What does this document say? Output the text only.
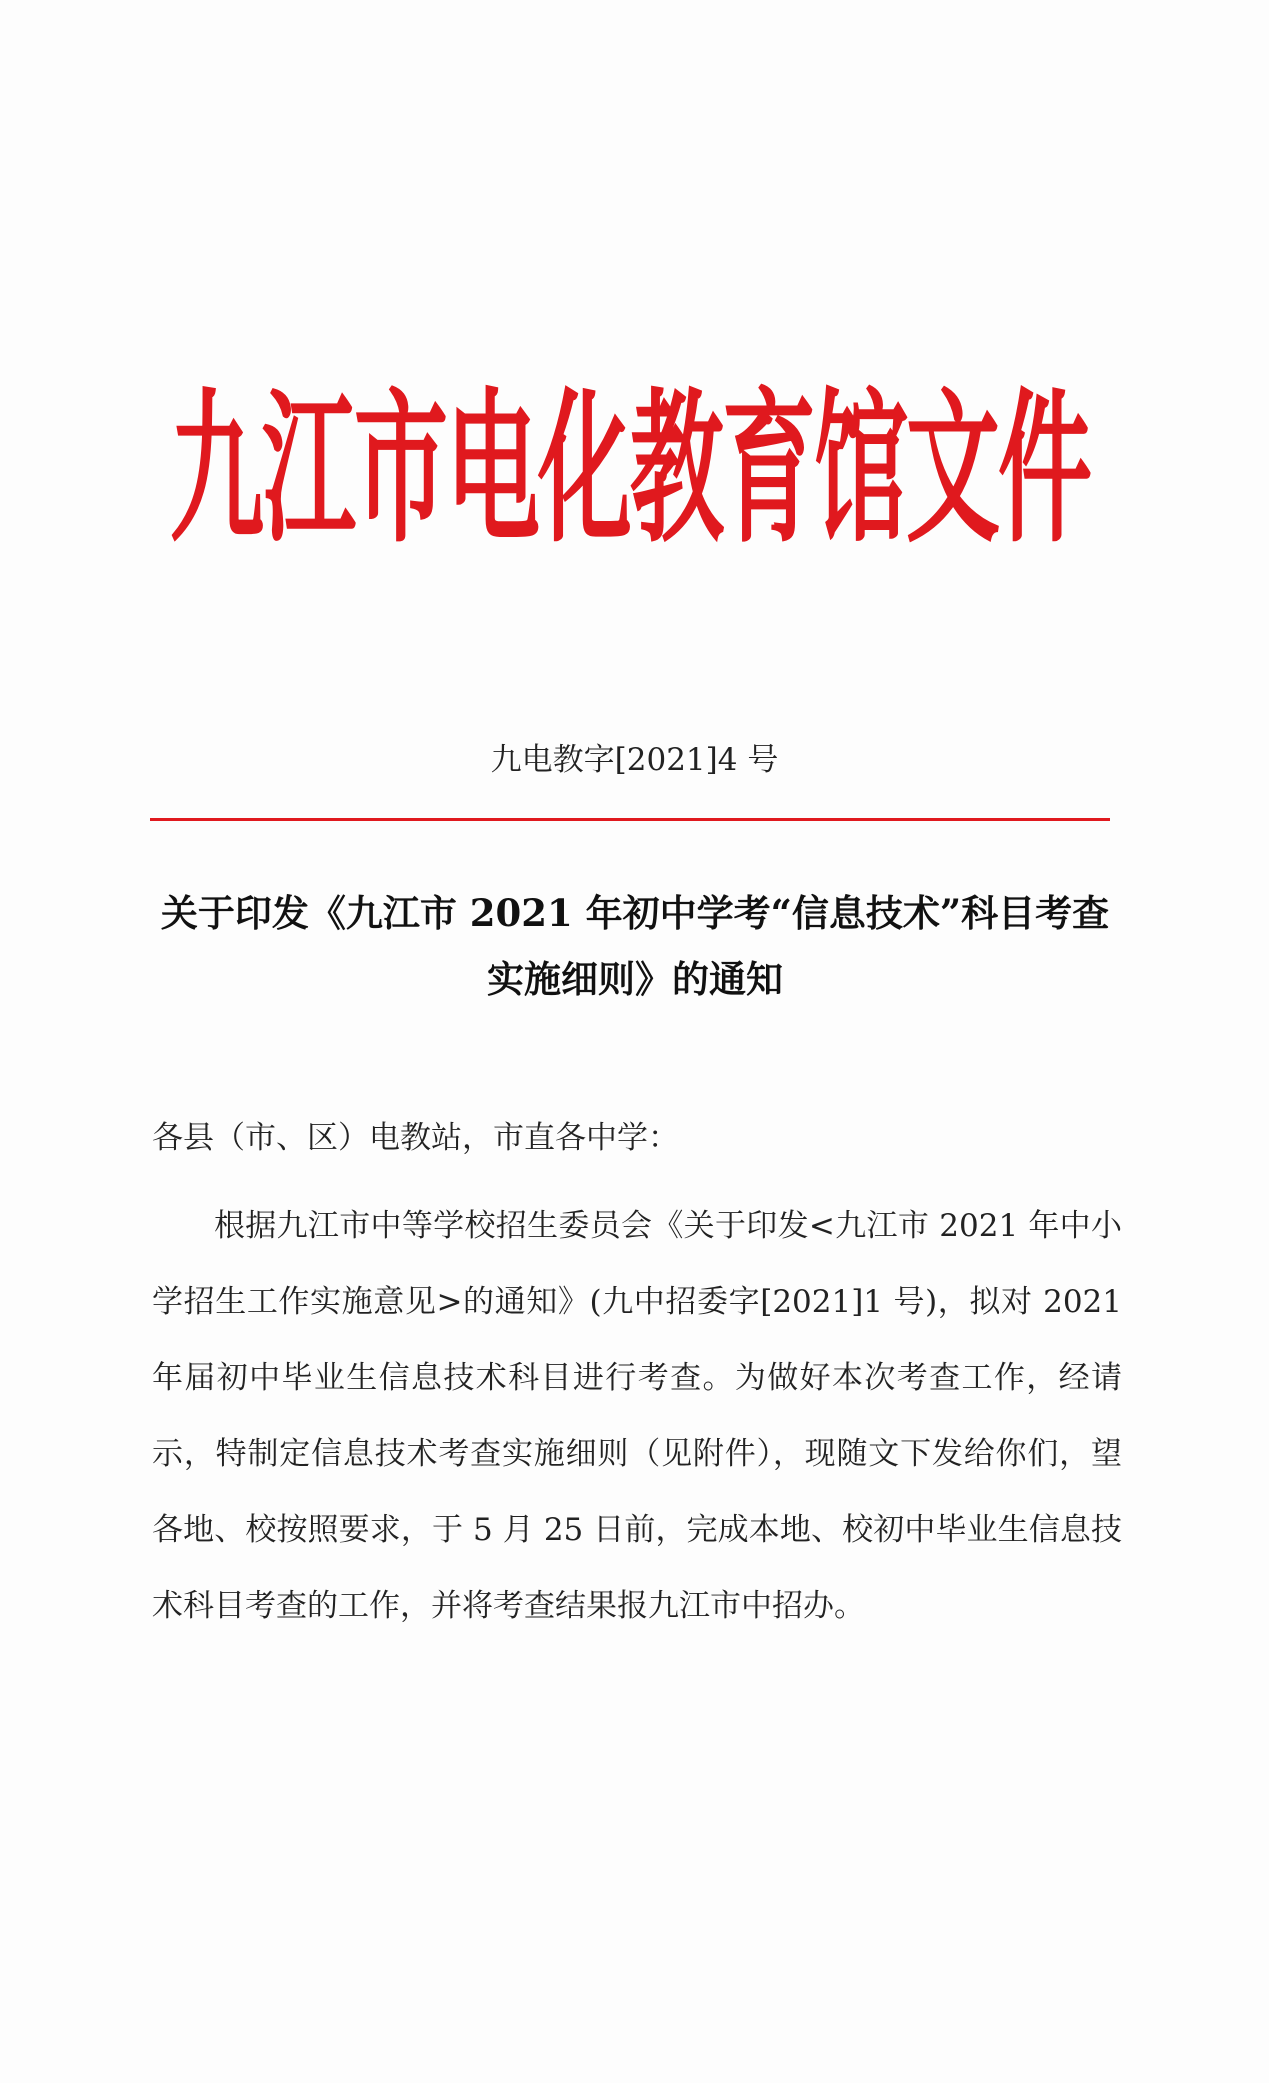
九江市电化教育馆文件
九电教字[2021]4 号
关于印发《九江市 2021 年初中学考“信息技术”科目考查
实施细则》的通知
各县（市、区）电教站，市直各中学：
根据九江市中等学校招生委员会《关于印发<九江市 2021 年中小
学招生工作实施意见>的通知》(九中招委字[2021]1 号)，拟对 2021
年届初中毕业生信息技术科目进行考查。为做好本次考查工作，经请
示，特制定信息技术考查实施细则（见附件），现随文下发给你们，望
各地、校按照要求，于 5 月 25 日前，完成本地、校初中毕业生信息技
术科目考查的工作，并将考查结果报九江市中招办。
